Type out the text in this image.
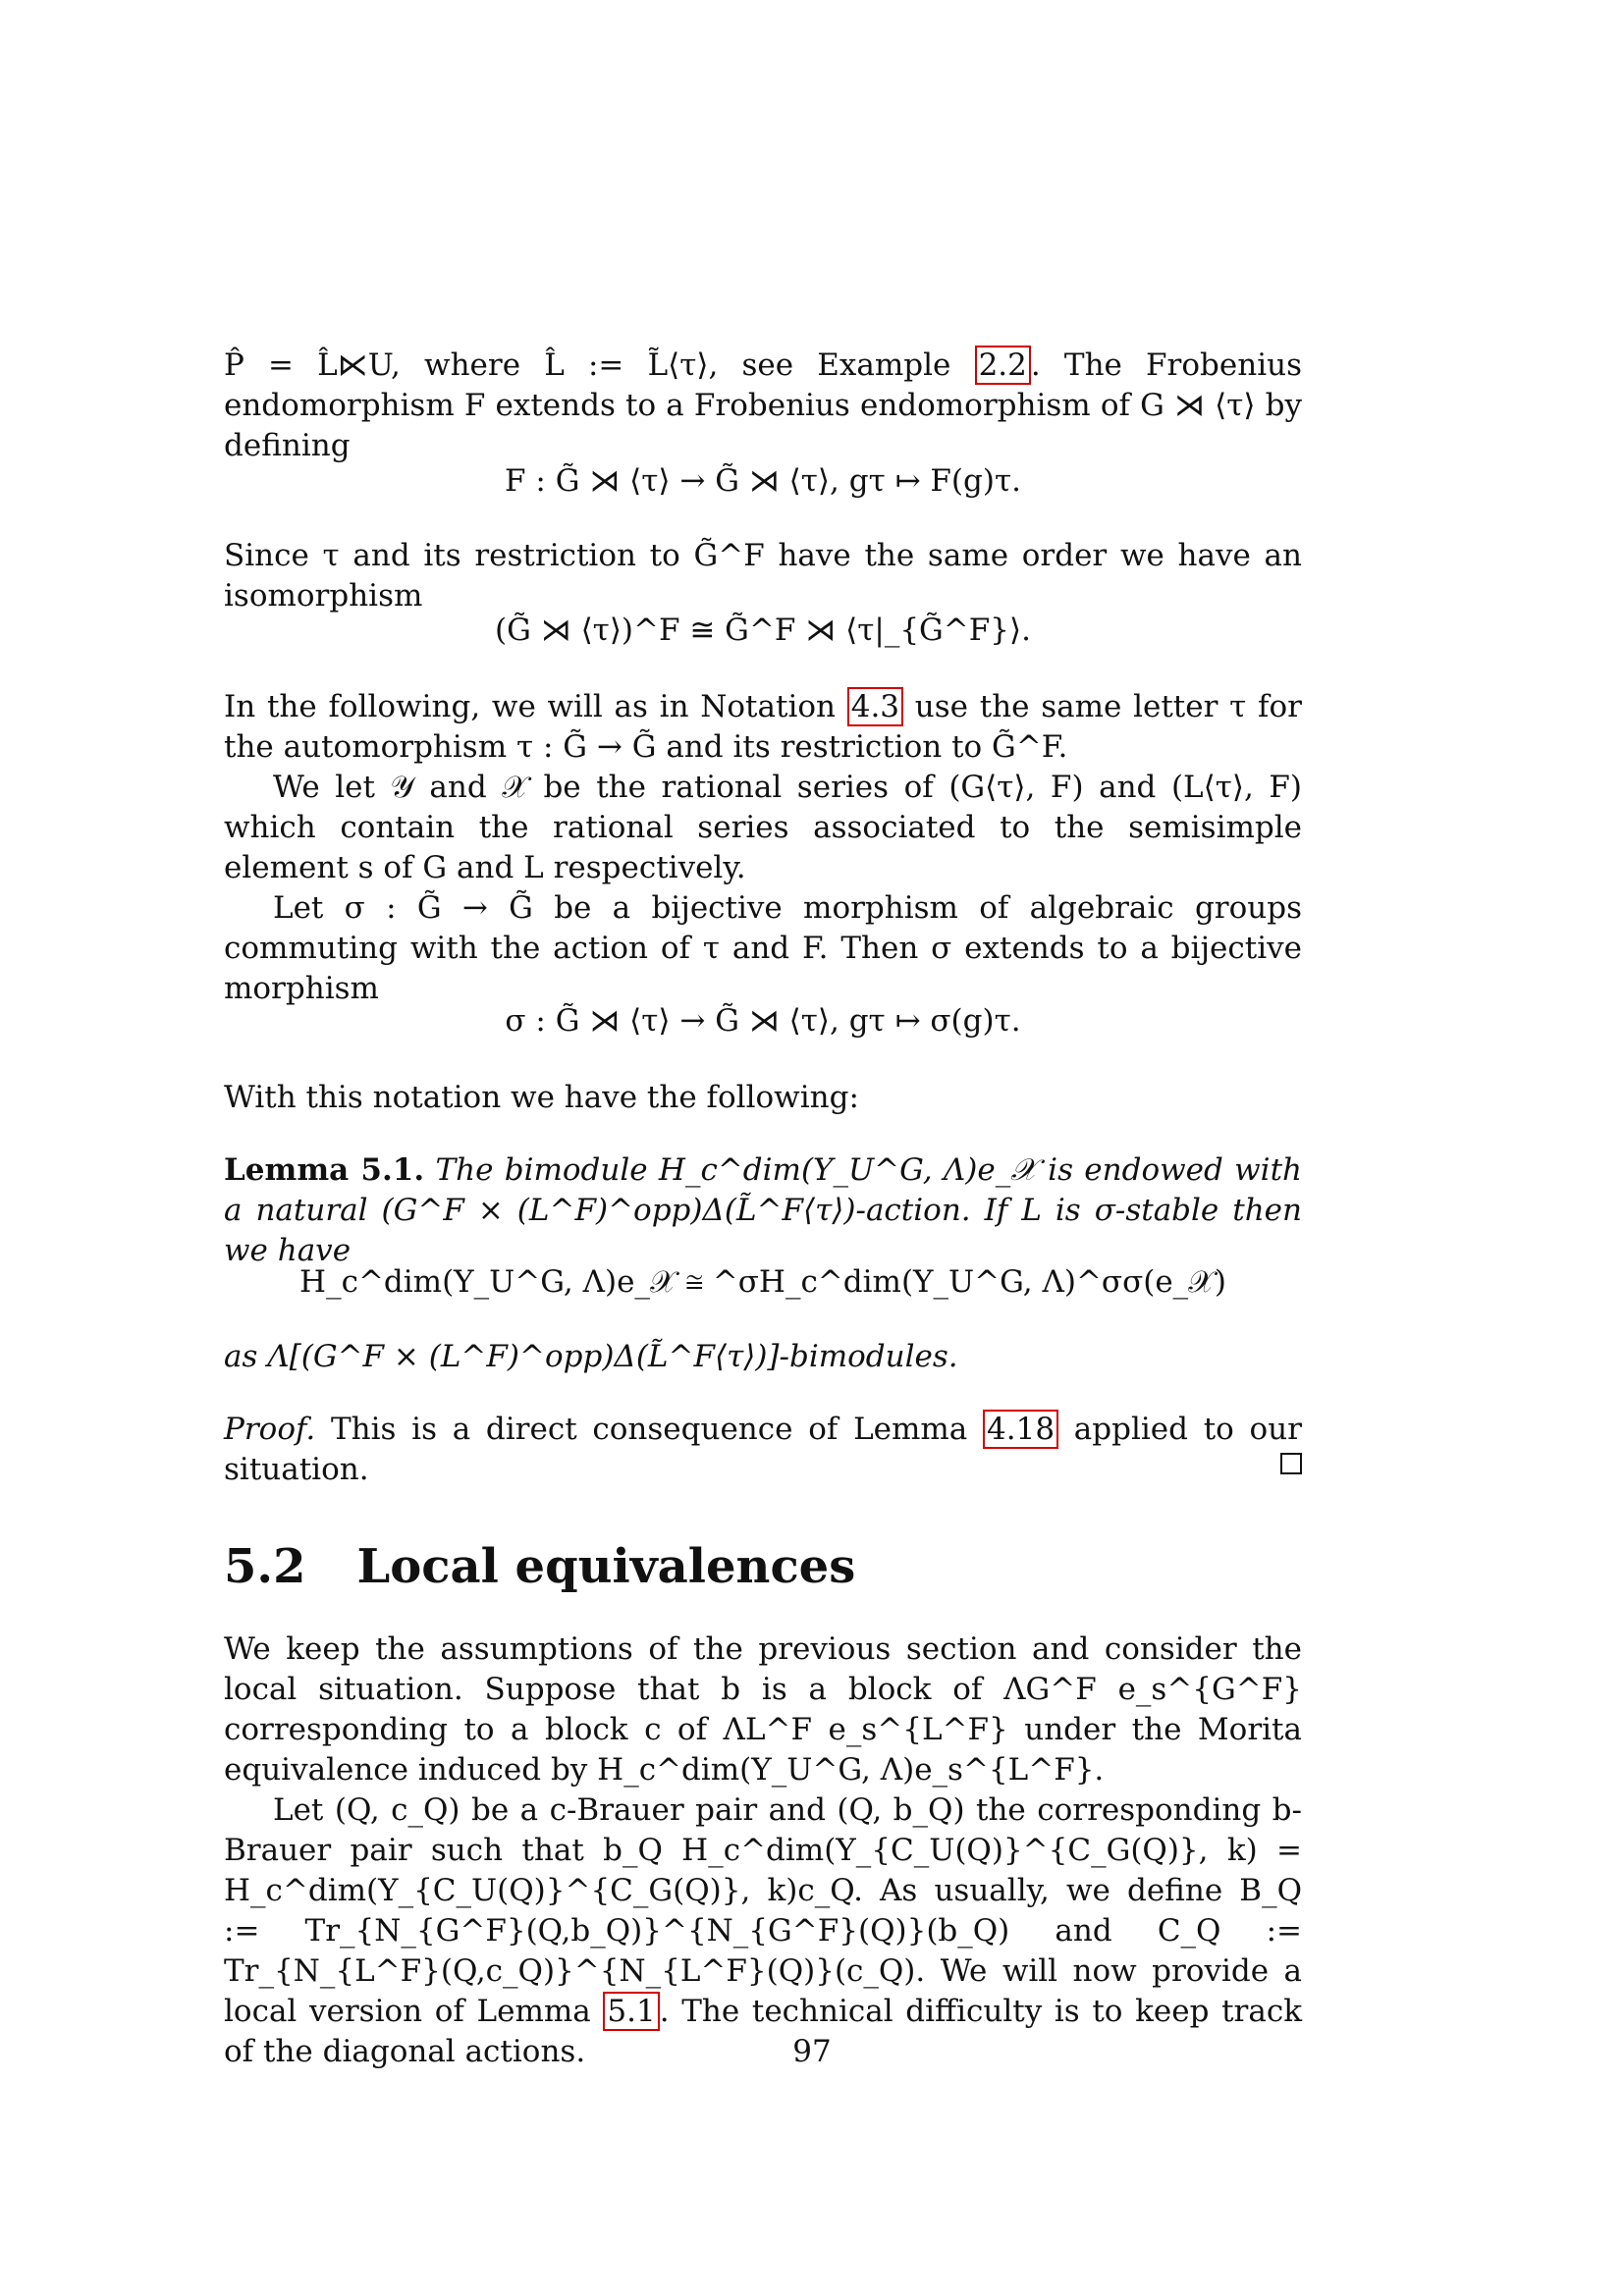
P̂ = L̂⋉U, where L̂ := L̃⟨τ⟩, see Example 2.2 . The Frobenius endomorphism F extends to a Frobenius endomorphism of G ⋊ ⟨τ⟩ by defining

F : G̃ ⋊ ⟨τ⟩ → G̃ ⋊ ⟨τ⟩, gτ ↦ F(g)τ.
Since τ and its restriction to G̃^F have the same order we have an isomorphism
(G̃ ⋊ ⟨τ⟩)^F ≅ G̃^F ⋊ ⟨τ|_{G̃^F}⟩.

In the following, we will as in Notation 4.3 use the same letter τ for the automorphism τ : G̃ → G̃ and its restriction to G̃^F.

We let 𝒴 and 𝒳 be the rational series of (G⟨τ⟩, F) and (L⟨τ⟩, F) which contain the rational series associated to the semisimple element s of G and L respectively.

Let σ : G̃ → G̃ be a bijective morphism of algebraic groups commuting with the action of τ and F. Then σ extends to a bijective morphism

σ : G̃ ⋊ ⟨τ⟩ → G̃ ⋊ ⟨τ⟩, gτ ↦ σ(g)τ.
With this notation we have the following:

Lemma 5.1. The bimodule H_c^dim(Y_U^G, Λ)e_𝒳 is endowed with a natural (G^F × (L^F)^opp)Δ(L̃^F⟨τ⟩)-action. If L is σ-stable then we have

H_c^dim(Y_U^G, Λ)e_𝒳 ≅ ^σH_c^dim(Y_U^G, Λ)^σσ(e_𝒳)
as Λ[(G^F × (L^F)^opp)Δ(L̃^F⟨τ⟩)]-bimodules.

Proof. This is a direct consequence of Lemma 4.18 applied to our situation.

5.2 Local equivalences

We keep the assumptions of the previous section and consider the local situation. Suppose that b is a block of ΛG^F e_s^{G^F} corresponding to a block c of ΛL^F e_s^{L^F} under the Morita equivalence induced by H_c^dim(Y_U^G, Λ)e_s^{L^F}.

Let (Q, c_Q) be a c-Brauer pair and (Q, b_Q) the corresponding b-Brauer pair such that b_Q H_c^dim(Y_{C_U(Q)}^{C_G(Q)}, k) = H_c^dim(Y_{C_U(Q)}^{C_G(Q)}, k)c_Q. As usually, we define B_Q := Tr_{N_{G^F}(Q,b_Q)}^{N_{G^F}(Q)}(b_Q) and C_Q := Tr_{N_{L^F}(Q,c_Q)}^{N_{L^F}(Q)}(c_Q). We will now provide a local version of Lemma 5.1 . The technical difficulty is to keep track of the diagonal actions.	97
